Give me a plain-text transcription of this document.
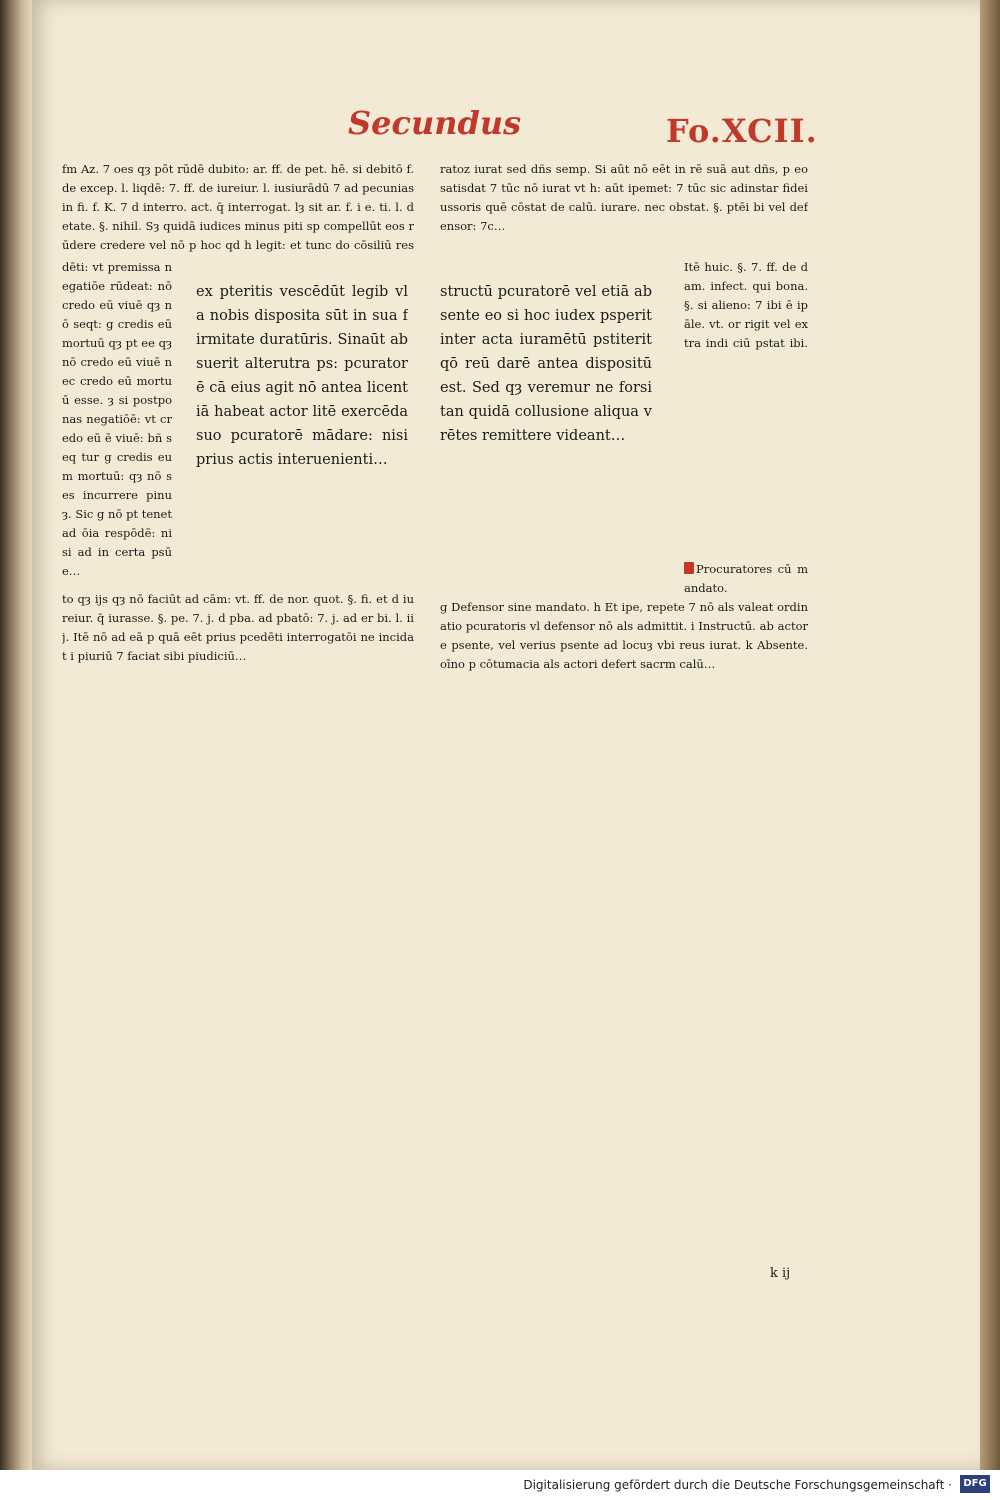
Secundus	Fo.XCII.
fm Az. 7 oes qȝ pōt rūdē dubito: ar. ff. de pet. hē. si debitō f. de excep. l. liqdē: 7. ff. de iureiur. l. iusiurādū 7 ad pecunias in fi. f. K. 7 d interro. act. q̄ interrogat. lȝ sit ar. f. i e. ti. l. d etate. §. nihil. Sȝ quidā iudices minus piti sp compellūt eos rūdere credere vel nō p hoc qd h legit: et tunc do cōsiliū res
dēti: vt premissa negatiōe rūdeat: nō credo eū viuē qȝ nō seqt: g credis eū mortuū qȝ pt ee qȝ nō credo eū viuē nec credo eū mortuū esse. ȝ si postponas negatiōē: vt credo eū ē viuē: bñ seq tur g credis eum mortuū: qȝ nō ses incurrere pinuȝ. Sic g nō pt tenet ad ōia respōdē: nisi ad in certa psūe…
ex pteritis vescēdūt legib vl a nobis disposita sūt in sua firmitate duratūris. Sinaūt absuerit alterutra ps: pcuratorē cā eius agit nō antea licentiā habeat actor litē exercēda suo pcuratorē mādare: nisi prius actis interuenienti…
to qȝ ijs qȝ nō faciūt ad cām: vt. ff. de nor. quot. §. fi. et d iureiur. q̄ iurasse. §. pe. 7. j. d pba. ad pbatō: 7. j. ad er bi. l. iij. Itē nō ad eā p quā eēt prius pcedēti interrogatōi ne incidat i piuriū 7 faciat sibi piudiciū…
ratoz iurat sed dñs semp. Si aūt nō eēt in rē suā aut dñs, p eo satisdat 7 tūc nō iurat vt h: aūt ipemet: 7 tūc sic adinstar fideiussoris quē cōstat de calū. iurare. nec obstat. §. ptēi bi vel defensor: 7c…
structū pcuratorē vel etiā absente eo si hoc iudex psperit inter acta iuramētū pstiterit qō reū darē antea dispositū est. Sed qȝ veremur ne forsi tan quidā collusione aliqua vrētes remittere videant…
Itē huic. §. 7. ff. de dam. infect. qui bona. §. si alieno: 7 ibi ē ipāle. vt. or rigit vel extra indi ciū pstat ibi.
Procuratores cū mandato.
g Defensor sine mandato. h Et ipe, repete 7 nō als valeat ordinatio pcuratoris vl defensor nō als admittit. i Instructū. ab actore psente, vel verius psente ad locuȝ vbi reus iurat. k Absente. oīno p cōtumacia als actori defert sacrm calū…
k ij
Digitalisierung gefördert durch die Deutsche Forschungsgemeinschaft ·	DFG
